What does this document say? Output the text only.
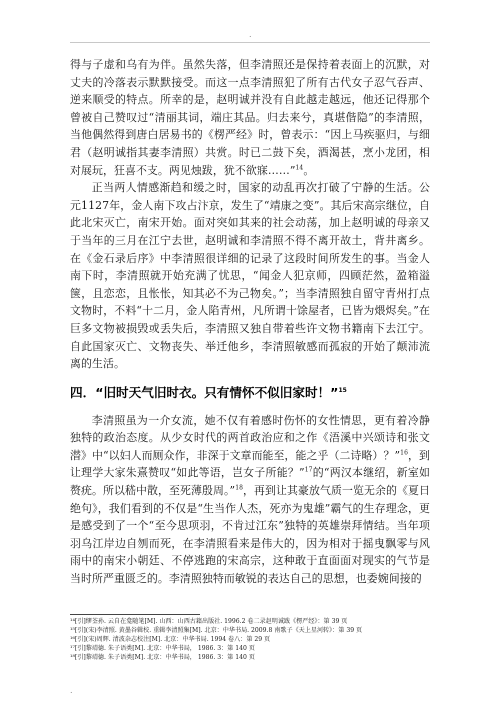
.

得与子虚和乌有为伴。虽然失落，但李清照还是保持着表面上的沉默，对丈夫的冷落表示默默接受。而这一点李清照犯了所有古代女子忍气吞声、逆来顺受的特点。所幸的是，赵明诚并没有自此越走越远，他还记得那个曾被自己赞叹过“清丽其词，端庄其品。归去来兮，真堪偕隐”的李清照，当他偶然得到唐白居易书的《楞严经》时，曾表示：“因上马疾驱归，与细君（赵明诚指其妻李清照）共赏。时已二鼓下矣，酒渴甚，烹小龙团，相对展玩，狂喜不支。两见烛跋，犹不欲寐……”$^{14}$。

正当两人情感渐趋和缓之时，国家的动乱再次打破了宁静的生活。公元1127年，金人南下攻占汴京，发生了“靖康之变”。其后宋高宗继位，自此北宋灭亡，南宋开始。面对突如其来的社会动荡，加上赵明诚的母亲又于当年的三月在江宁去世，赵明诚和李清照不得不离开故土，背井离乡。在《金石录后序》中李清照很详细的记录了这段时间所发生的事。当金人南下时，李清照就开始充满了忧思，“闻金人犯京师，四顾茫然，盈箱溢箧，且恋恋，且怅怅，知其必不为己物矣。”；当李清照独自留守青州打点文物时，不料“十二月，金人陷青州，凡所谓十馀屋者，已皆为煨烬矣。”在巨多文物被损毁或丢失后，李清照又独自带着些许文物书籍南下去江宁。自此国家灭亡、文物丧失、举迁他乡，李清照敏感而孤寂的开始了颠沛流离的生活。

四．“旧时天气旧时衣。只有情怀不似旧家时！”$^{15}$

李清照虽为一介女流，她不仅有着感时伤怀的女性情思，更有着冷静独特的政治态度。从少女时代的两首政治应和之作《浯溪中兴颂诗和张文潜》中“以妇人而厕众作，非深于文章而能至，能之乎（二诗略）？”$^{16}$，到让理学大家朱熹赞叹“如此等语，岂女子所能？”$^{17}$的“两汉本继绍，新室如赘疣。所以嵇中散，至死薄殷周。”$^{18}$，再到让其豪放气质一览无余的《夏日绝句》，我们看到的不仅是“生当作人杰，死亦为鬼雄”霸气的生存理念，更是感受到了一个“至今思项羽，不肯过江东”独特的英雄崇拜情结。当年项羽乌江岸边自刎而死，在李清照看来是伟大的，因为相对于摇曳飘零与风雨中的南宋小朝廷、不停逃跑的宋高宗，这种敢于直面面对现实的气节是当时所严重匮乏的。李清照独特而敏锐的表达自己的思想，也委婉间接的

¹⁴[引]缪荃孙. 云自在龛随笔[M]. 山西：山西古籍出版社. 1996.2 卷二录赵明诚跋《楞严经》：第 39 页

¹⁵[引](宋)李清照. 黄墨谷辑校. 重辑李清照集[M]. 北京：中华书局. 2009.8 南歌子《天上星河转》：第 39 页

¹⁶[引](宋)周辉. 清波杂志校注[M]. 北京：中华书局. 1994 卷八：第 29 页

¹⁷[引]黎靖德. 朱子语类[M]. 北京：中华书局， 1986. 3：第 140 页

¹⁸[引]黎靖德. 朱子语类[M]. 北京：中华书局， 1986. 3：第 140 页

.
